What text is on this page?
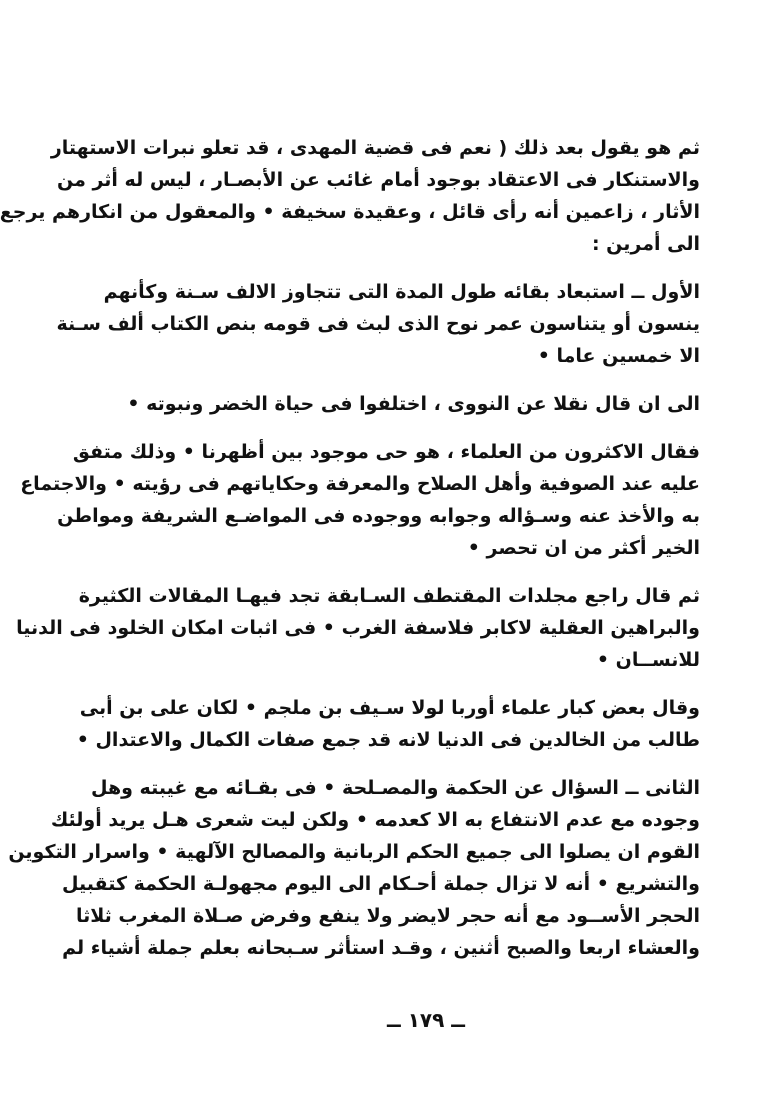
ثم هو يقول بعد ذلك ( نعم فى قضية المهدى ، قد تعلو نبرات الاستهتار
والاستنكار فى الاعتقاد بوجود أمام غائب عن الأبصـار ، ليس له أثر من
الأثار ، زاعمين أنه رأى قائل ، وعقيدة سخيفة • والمعقول من انكارهم يرجع
الى أمرين :
الأول ــ استبعاد بقائه طول المدة التى تتجاوز الالف سـنة وكأنهم
ينسون أو يتناسون عمر نوح الذى لبث فى قومه بنص الكتاب ألف سـنة
الا خمسين عاما •
الى ان قال نقلا عن النووى ، اختلفوا فى حياة الخضر ونبوته •
فقال الاكثرون من العلماء ، هو حى موجود بين أظهرنا • وذلك متفق
عليه عند الصوفية وأهل الصلاح والمعرفة وحكاياتهم فى رؤيته • والاجتماع
به والأخذ عنه وسـؤاله وجوابه ووجوده فى المواضـع الشريفة ومواطن
الخير أكثر من ان تحصر •
ثم قال راجع مجلدات المقتطف السـابقة تجد فيهـا المقالات الكثيرة
والبراهين العقلية لاكابر فلاسفة الغرب • فى اثبات امكان الخلود فى الدنيا
للانســان •
وقال بعض كبار علماء أوربا لولا سـيف بن ملجم • لكان على بن أبى
طالب من الخالدين فى الدنيا لانه قد جمع صفات الكمال والاعتدال •
الثانى ــ السؤال عن الحكمة والمصـلحة • فى بقـائه مع غيبته وهل
وجوده مع عدم الانتفاع به الا كعدمه • ولكن ليت شعرى هـل يريد أولئك
القوم ان يصلوا الى جميع الحكم الربانية والمصالح الآلهية • واسرار التكوين
والتشريع • أنه لا تزال جملة أحـكام الى اليوم مجهولـة الحكمة كتقبيل
الحجر الأســود مع أنه حجر لايضر ولا ينفع وفرض صـلاة المغرب ثلاثا
والعشاء اربعا والصبح أثنين ، وقـد استأثر سـبحانه بعلم جملة أشياء لم
ــ ١٧٩ ــ
